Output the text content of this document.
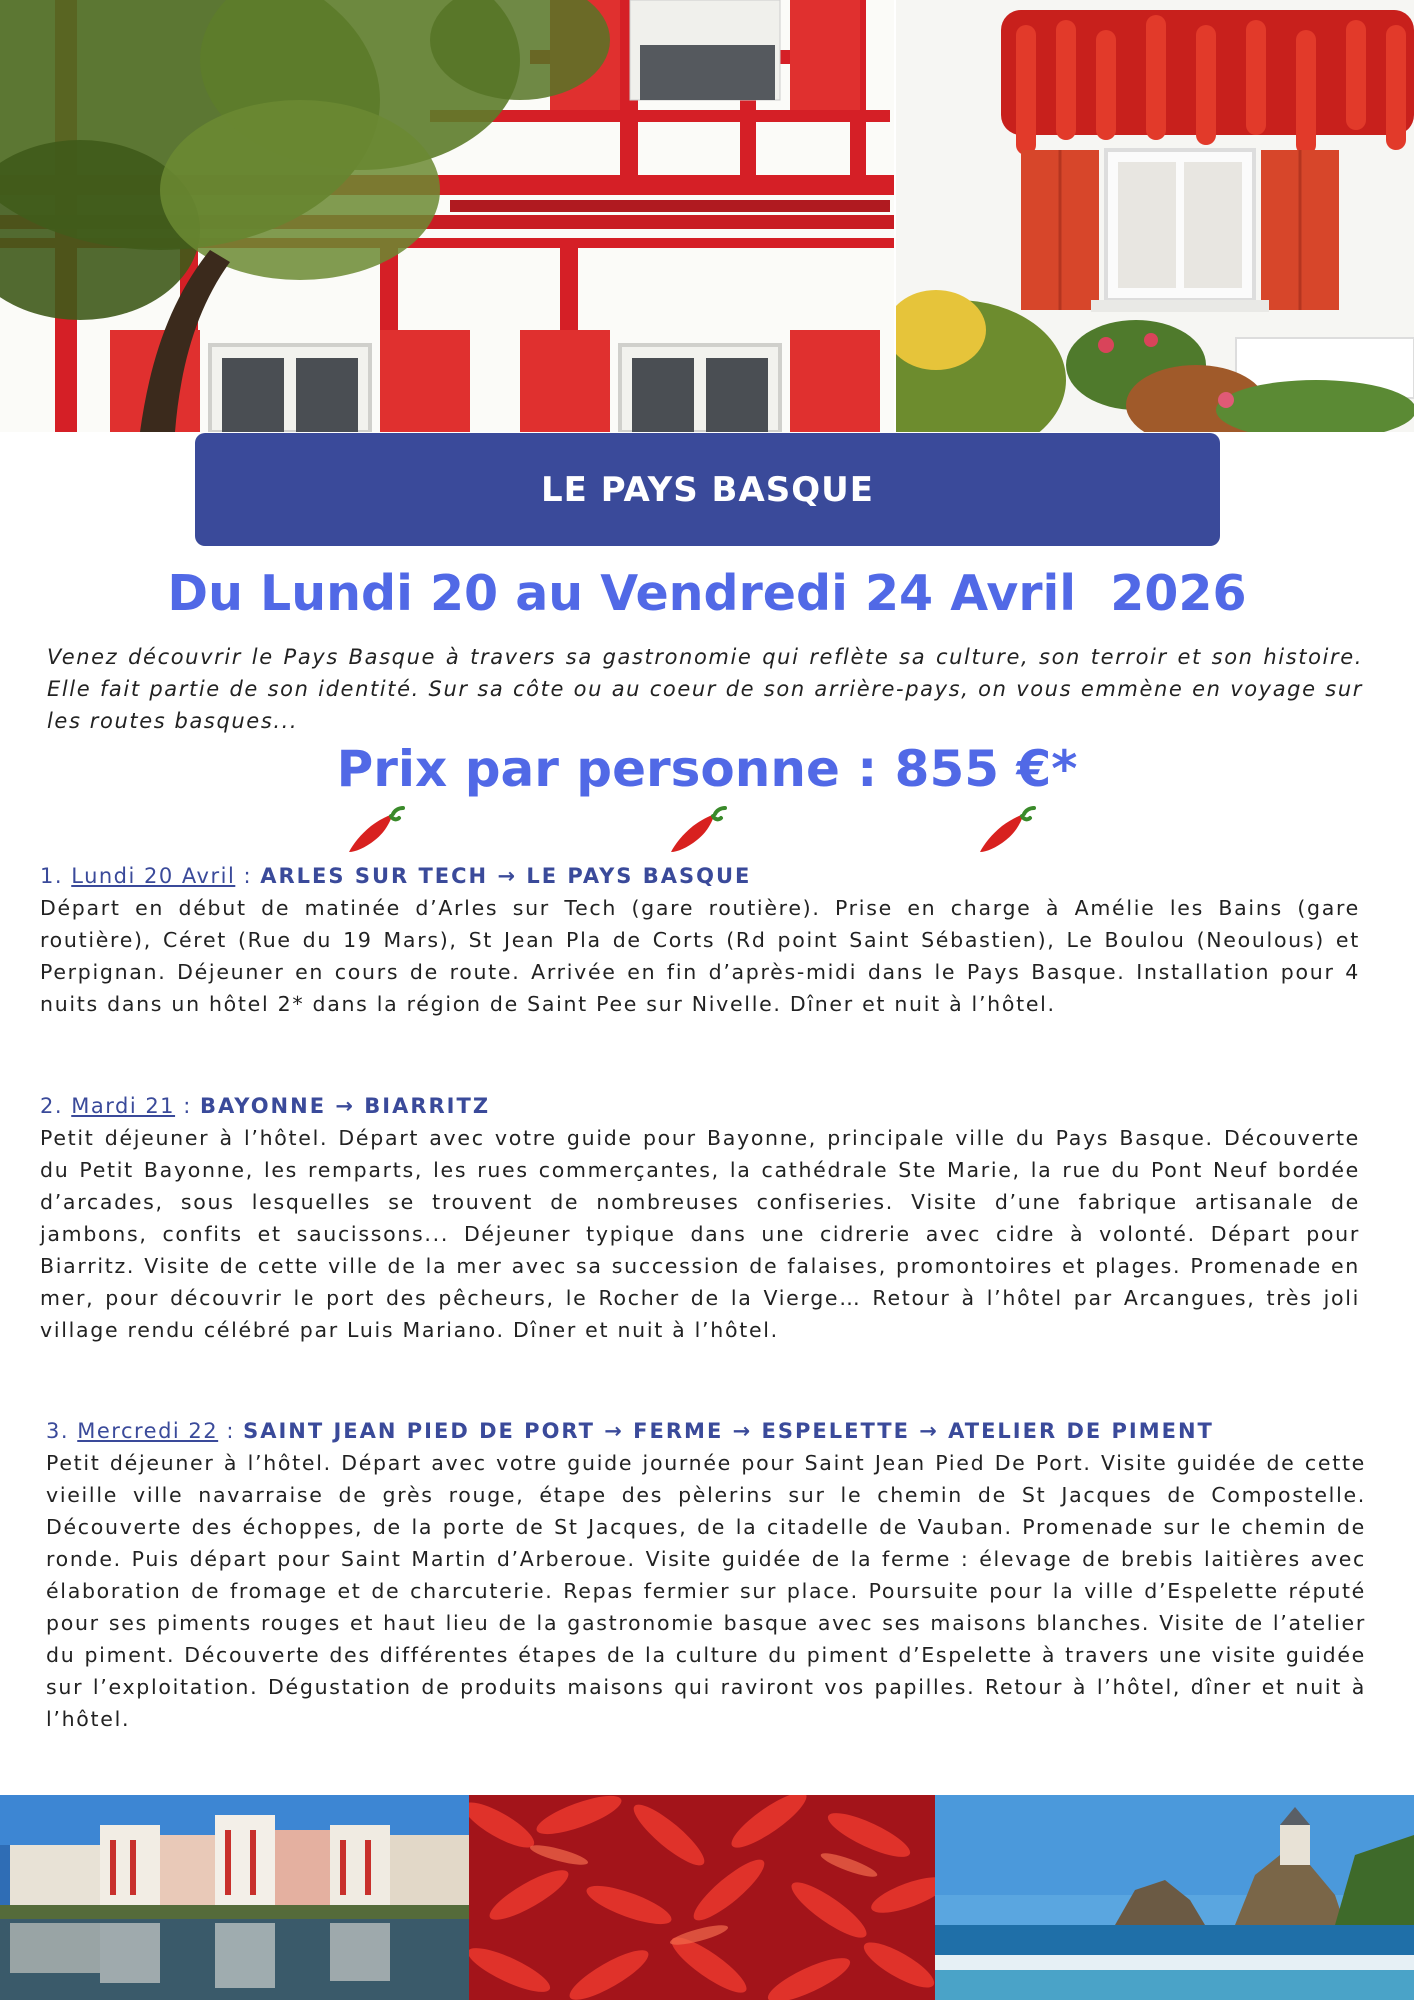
LE PAYS BASQUE
Du Lundi 20 au Vendredi 24 Avril  2026
Venez découvrir le Pays Basque à travers sa gastronomie qui reflète sa culture, son terroir et son histoire. Elle fait partie de son identité. Sur sa côte ou au coeur de son arrière-pays, on vous emmène en voyage sur les routes basques...
Prix par personne : 855 €*
1. Lundi 20 Avril : ARLES SUR TECH → LE PAYS BASQUE
Départ en début de matinée d’Arles sur Tech (gare routière). Prise en charge à Amélie les Bains (gare routière), Céret (Rue du 19 Mars), St Jean Pla de Corts (Rd point Saint Sébastien), Le Boulou (Neoulous) et Perpignan. Déjeuner en cours de route. Arrivée en fin d’après-midi dans le Pays Basque. Installation pour 4 nuits dans un hôtel 2* dans la région de Saint Pee sur Nivelle. Dîner et nuit à l’hôtel.
2. Mardi 21 : BAYONNE → BIARRITZ
Petit déjeuner à l’hôtel. Départ avec votre guide pour Bayonne, principale ville du Pays Basque. Découverte du Petit Bayonne, les remparts, les rues commerçantes, la cathédrale Ste Marie, la rue du Pont Neuf bordée d’arcades, sous lesquelles se trouvent de nombreuses confiseries. Visite d’une fabrique artisanale de jambons, confits et saucissons... Déjeuner typique dans une cidrerie avec cidre à volonté. Départ pour Biarritz. Visite de cette ville de la mer avec sa succession de falaises, promontoires et plages. Promenade en mer, pour découvrir le port des pêcheurs, le Rocher de la Vierge… Retour à l’hôtel par Arcangues, très joli village rendu célébré par Luis Mariano. Dîner et nuit à l’hôtel.
3. Mercredi 22 : SAINT JEAN PIED DE PORT → FERME → ESPELETTE → ATELIER DE PIMENT
Petit déjeuner à l’hôtel. Départ avec votre guide journée pour Saint Jean Pied De Port. Visite guidée de cette vieille ville navarraise de grès rouge, étape des pèlerins sur le chemin de St Jacques de Compostelle. Découverte des échoppes, de la porte de St Jacques, de la citadelle de Vauban. Promenade sur le chemin de ronde. Puis départ pour Saint Martin d’Arberoue. Visite guidée de la ferme : élevage de brebis laitières avec élaboration de fromage et de charcuterie. Repas fermier sur place. Poursuite pour la ville d’Espelette réputé pour ses piments rouges et haut lieu de la gastronomie basque avec ses maisons blanches. Visite de l’atelier du piment. Découverte des différentes étapes de la culture du piment d’Espelette à travers une visite guidée sur l’exploitation. Dégustation de produits maisons qui raviront vos papilles. Retour à l’hôtel, dîner et nuit à l’hôtel.
